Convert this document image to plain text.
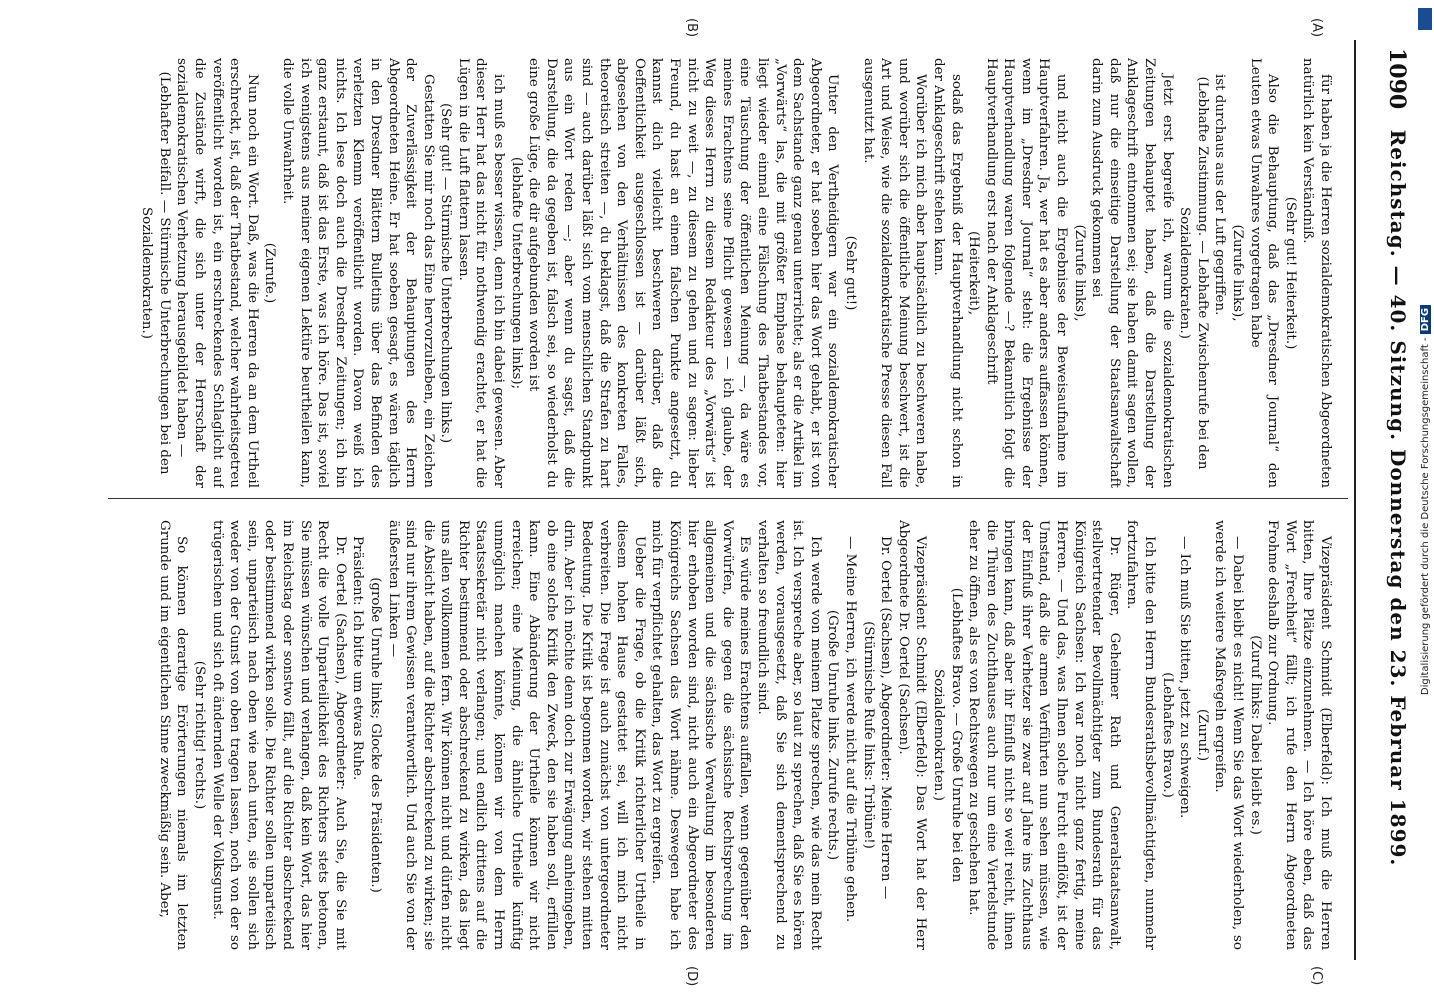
1090
Reichstag. — 40. Sitzung. Donnerstag den 23. Februar 1899.
(A)
(B)
(C)
(D)

für haben ja die Herren sozialdemokratischen Abgeordneten natürlich kein Verständniß.

(Sehr gut! Heiterkeit.)

Also die Behauptung, daß das „Dresdner Journal“ den Leuten etwas Unwahres vorgetragen habe

(Zurufe links),

ist durchaus aus der Luft gegriffen.

(Lebhafte Zustimmung. — Lebhafte Zwischenrufe bei den Sozialdemokraten.)

Jetzt erst begreife ich, warum die sozialdemokratischen Zeitungen behauptet haben, daß die Darstellung der Anklageschrift entnommen sei; sie haben damit sagen wollen, daß nur die einseitige Darstellung der Staatsanwaltschaft darin zum Ausdruck gekommen sei

(Zurufe links),

und nicht auch die Ergebnisse der Beweisaufnahme im Hauptverfahren. Ja, wer hat es aber anders auffassen können, wenn im „Dresdner Journal“ steht: die Ergebnisse der Hauptverhandlung waren folgende —? Bekanntlich folgt die Hauptverhandlung erst nach der Anklageschrift

(Heiterkeit),

sodaß das Ergebniß der Hauptverhandlung nicht schon in der Anklageschrift stehen kann.

Worüber ich mich aber hauptsächlich zu beschweren habe, und worüber sich die öffentliche Meinung beschwert, ist die Art und Weise, wie die sozialdemokratische Presse diesen Fall ausgenutzt hat.

(Sehr gut!)

Unter den Vertheidigern war ein sozialdemokratischer Abgeordneter, er hat soeben hier das Wort gehabt, er ist von dem Sachstande ganz genau unterrichtet; als er die Artikel im „Vorwärts“ las, die mit größter Emphase behaupteten: hier liegt wieder einmal eine Fälschung des Thatbestandes vor, eine Täuschung der öffentlichen Meinung —, da wäre es meines Erachtens seine Pflicht gewesen — ich glaube, der Weg dieses Herrn zu diesem Redakteur des „Vorwärts“ ist nicht zu weit —, zu diesem zu gehen und zu sagen: lieber Freund, du hast an einem falschen Punkte angesetzt, du kannst dich vielleicht beschweren darüber, daß die Oeffentlichkeit ausgeschlossen ist — darüber läßt sich, abgesehen von den Verhältnissen des konkreten Falles, theoretisch streiten —, du beklagst, daß die Strafen zu hart sind — auch darüber läßt sich vom menschlichen Standpunkt aus ein Wort reden —; aber wenn du sagst, daß die Darstellung, die da gegeben ist, falsch sei, so wiederholst du eine große Lüge, die dir aufgebunden worden ist

(lebhafte Unterbrechungen links);

ich muß es besser wissen, denn ich bin dabei gewesen. Aber dieser Herr hat das nicht für nothwendig erachtet, er hat die Lügen in die Luft flattern lassen.

(Sehr gut! — Stürmische Unterbrechungen links.)

Gestatten Sie mir noch das Eine hervorzuheben, ein Zeichen der Zuverlässigkeit der Behauptungen des Herrn Abgeordneten Heine. Er hat soeben gesagt, es wären täglich in den Dresdner Blättern Bulletins über das Befinden des verletzten Klemm veröffentlicht worden. Davon weiß ich nichts. Ich lese doch auch die Dresdner Zeitungen; ich bin ganz erstaunt, daß ist das Erste, was ich höre. Das ist, soviel ich wenigstens aus meiner eigenen Lektüre beurtheilen kann, die volle Unwahrheit.

(Zurufe.)

Nun noch ein Wort. Daß, was die Herren da an dem Urtheil erschreckt, ist, daß der Thatbestand, welcher wahrheitsgetreu veröffentlicht worden ist, ein erschreckendes Schlaglicht auf die Zustände wirft, die sich unter der Herrschaft der sozialdemokratischen Verhetzung herausgebildet haben —

(Lebhafter Beifall. — Stürmische Unterbrechungen bei den Sozialdemokraten.)

Vizepräsident Schmidt (Elberfeld): Ich muß die Herren bitten, Ihre Plätze einzunehmen. — Ich höre eben, daß das Wort „Frechheit“ fällt; ich rufe den Herrn Abgeordneten Frohme deshalb zur Ordnung.

(Zuruf links: Dabei bleibt es.)

— Dabei bleibt es nicht! Wenn Sie das Wort wiederholen, so werde ich weitere Maßregeln ergreifen.

(Zuruf.)

— Ich muß Sie bitten, jetzt zu schweigen.

(Lebhaftes Bravo.)

Ich bitte den Herrn Bundesrathsbevollmächtigten, nunmehr fortzufahren.

Dr. Rüger, Geheimer Rath und Generalstaatsanwalt, stellvertretender Bevollmächtigter zum Bundesrath für das Königreich Sachsen: Ich war noch nicht ganz fertig, meine Herren. — Und das, was Ihnen solche Furcht einflößt, ist der Umstand, daß die armen Verführten nun sehen müssen, wie der Einfluß ihrer Verhetzer sie zwar auf Jahre ins Zuchthaus bringen kann, daß aber ihr Einfluß nicht so weit reicht, ihnen die Thüren des Zuchthauses auch nur um eine Viertelstunde eher zu öffnen, als es von Rechtswegen zu geschehen hat.

(Lebhaftes Bravo. — Große Unruhe bei den Sozialdemokraten.)

Vizepräsident Schmidt (Elberfeld): Das Wort hat der Herr Abgeordnete Dr. Oertel (Sachsen).

Dr. Oertel (Sachsen), Abgeordneter: Meine Herren —

(Stürmische Rufe links: Tribüne!)

— Meine Herren, ich werde nicht auf die Tribüne gehen.

(Große Unruhe links. Zurufe rechts.)

Ich werde von meinem Platze sprechen, wie das mein Recht ist. Ich verspreche aber, so laut zu sprechen, daß Sie es hören werden, vorausgesetzt, daß Sie sich dementsprechend zu verhalten so freundlich sind.

Es würde meines Erachtens auffallen, wenn gegenüber den Vorwürfen, die gegen die sächsische Rechtsprechung im allgemeinen und die sächsische Verwaltung im besonderen hier erhoben worden sind, nicht auch ein Abgeordneter des Königreichs Sachsen das Wort nähme. Deswegen habe ich mich für verpflichtet gehalten, das Wort zu ergreifen.

Ueber die Frage, ob die Kritik richterlicher Urtheile in diesem hohen Hause gestattet sei, will ich mich nicht verbreiten. Die Frage ist auch zunächst von untergeordneter Bedeutung. Die Kritik ist begonnen worden, wir stehen mitten drin. Aber ich möchte denn doch zur Erwägung anheimgeben, ob eine solche Kritik den Zweck, den sie haben soll, erfüllen kann. Eine Abänderung der Urtheile können wir nicht erreichen; eine Meinung, die ähnliche Urtheile künftig unmöglich machen könnte, können wir von dem Herrn Staatssekretär nicht verlangen; und endlich drittens auf die Richter bestimmend oder abschreckend zu wirken, das liegt uns allen vollkommen fern. Wir können nicht und dürfen nicht die Absicht haben, auf die Richter abschreckend zu wirken; sie sind nur ihrem Gewissen verantwortlich. Und auch Sie von der äußersten Linken —

(große Unruhe links; Glocke des Präsidenten.)

Präsident: Ich bitte um etwas Ruhe.

Dr. Oertel (Sachsen), Abgeordneter: Auch Sie, die Sie mit Recht die volle Unparteilichkeit des Richters stets betonen, Sie müssen wünschen und verlangen, daß kein Wort, das hier im Reichstag oder sonstwo fällt, auf die Richter abschreckend oder bestimmend wirken solle. Die Richter sollen unparteiisch sein, unparteiisch nach oben wie nach unten, sie sollen sich weder von der Gunst von oben tragen lassen, noch von der so trügerischen und sich oft ändernden Welle der Volksgunst.

(Sehr richtig! rechts.)

So können derartige Erörterungen niemals im letzten Grunde und im eigentlichen Sinne zweckmäßig sein. Aber,

Digitalisierung gefördert durch die Deutsche Forschungsgemeinschaft - DFG
